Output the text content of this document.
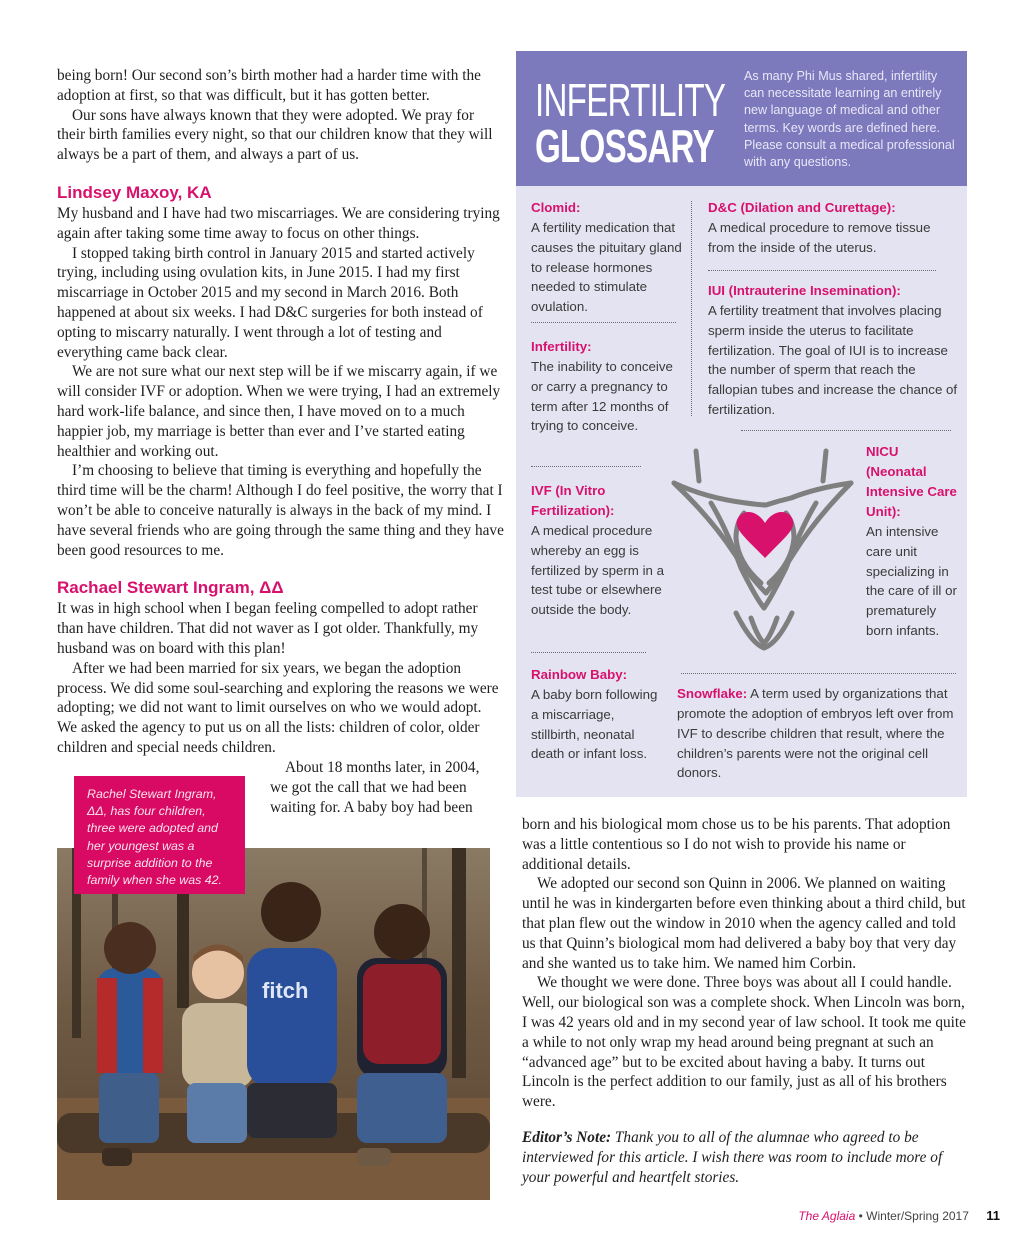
being born! Our second son’s birth mother had a harder time with the adoption at first, so that was difficult, but it has gotten better.

Our sons have always known that they were adopted. We pray for their birth families every night, so that our children know that they will always be a part of them, and always a part of us.

Lindsey Maxoy, KA

My husband and I have had two miscarriages. We are considering trying again after taking some time away to focus on other things.

I stopped taking birth control in January 2015 and started actively trying, including using ovulation kits, in June 2015. I had my first miscarriage in October 2015 and my second in March 2016. Both happened at about six weeks. I had D&C surgeries for both instead of opting to miscarry naturally. I went through a lot of testing and everything came back clear.

We are not sure what our next step will be if we miscarry again, if we will consider IVF or adoption. When we were trying, I had an extremely hard work-life balance, and since then, I have moved on to a much happier job, my marriage is better than ever and I’ve started eating healthier and working out.

I’m choosing to believe that timing is everything and hopefully the third time will be the charm! Although I do feel positive, the worry that I won’t be able to conceive naturally is always in the back of my mind. I have several friends who are going through the same thing and they have been good resources to me.

Rachael Stewart Ingram, ΔΔ

It was in high school when I began feeling compelled to adopt rather than have children. That did not waver as I got older. Thankfully, my husband was on board with this plan!

After we had been married for six years, we began the adoption process. We did some soul-searching and exploring the reasons we were adopting; we did not want to limit ourselves on who we would adopt. We asked the agency to put us on all the lists: children of color, older children and special needs children.

About 18 months later, in 2004, we got the call that we had been waiting for. A baby boy had been

Rachel Stewart Ingram, ΔΔ, has four children, three were adopted and her youngest was a surprise addition to the family when she was 42.
fitch

born and his biological mom chose us to be his parents. That adoption was a little contentious so I do not wish to provide his name or additional details.

We adopted our second son Quinn in 2006. We planned on waiting until he was in kindergarten before even thinking about a third child, but that plan flew out the window in 2010 when the agency called and told us that Quinn’s biological mom had delivered a baby boy that very day and she wanted us to take him. We named him Corbin.

We thought we were done. Three boys was about all I could handle. Well, our biological son was a complete shock. When Lincoln was born, I was 42 years old and in my second year of law school. It took me quite a while to not only wrap my head around being pregnant at such an “advanced age” but to be excited about having a baby. It turns out Lincoln is the perfect addition to our family, just as all of his brothers were.

Editor’s Note: Thank you to all of the alumnae who agreed to be interviewed for this article. I wish there was room to include more of your powerful and heartfelt stories.

INFERTILITY
GLOSSARY
As many Phi Mus shared, infertility can necessitate learning an entirely new language of medical and other terms. Key words are defined here. Please consult a medical professional with any questions.
Clomid:
A fertility medication that causes the pituitary gland to release hormones needed to stimulate ovulation.
Infertility:
The inability to conceive or carry a pregnancy to term after 12 months of trying to conceive.
IVF (In Vitro Fertilization):
A medical procedure whereby an egg is fertilized by sperm in a test tube or elsewhere outside the body.
Rainbow Baby:
A baby born following a miscarriage, stillbirth, neonatal death or infant loss.
D&C (Dilation and Curettage):
A medical procedure to remove tissue from the inside of the uterus.
IUI (Intrauterine Insemination):
A fertility treatment that involves placing sperm inside the uterus to facilitate fertilization. The goal of IUI is to increase the number of sperm that reach the fallopian tubes and increase the chance of fertilization.
NICU (Neonatal Intensive Care Unit):
An intensive care unit specializing in the care of ill or prematurely born infants.
Snowflake: A term used by organizations that promote the adoption of embryos left over from IVF to describe children that result, where the children’s parents were not the original cell donors.
The Aglaia • Winter/Spring 2017 11
